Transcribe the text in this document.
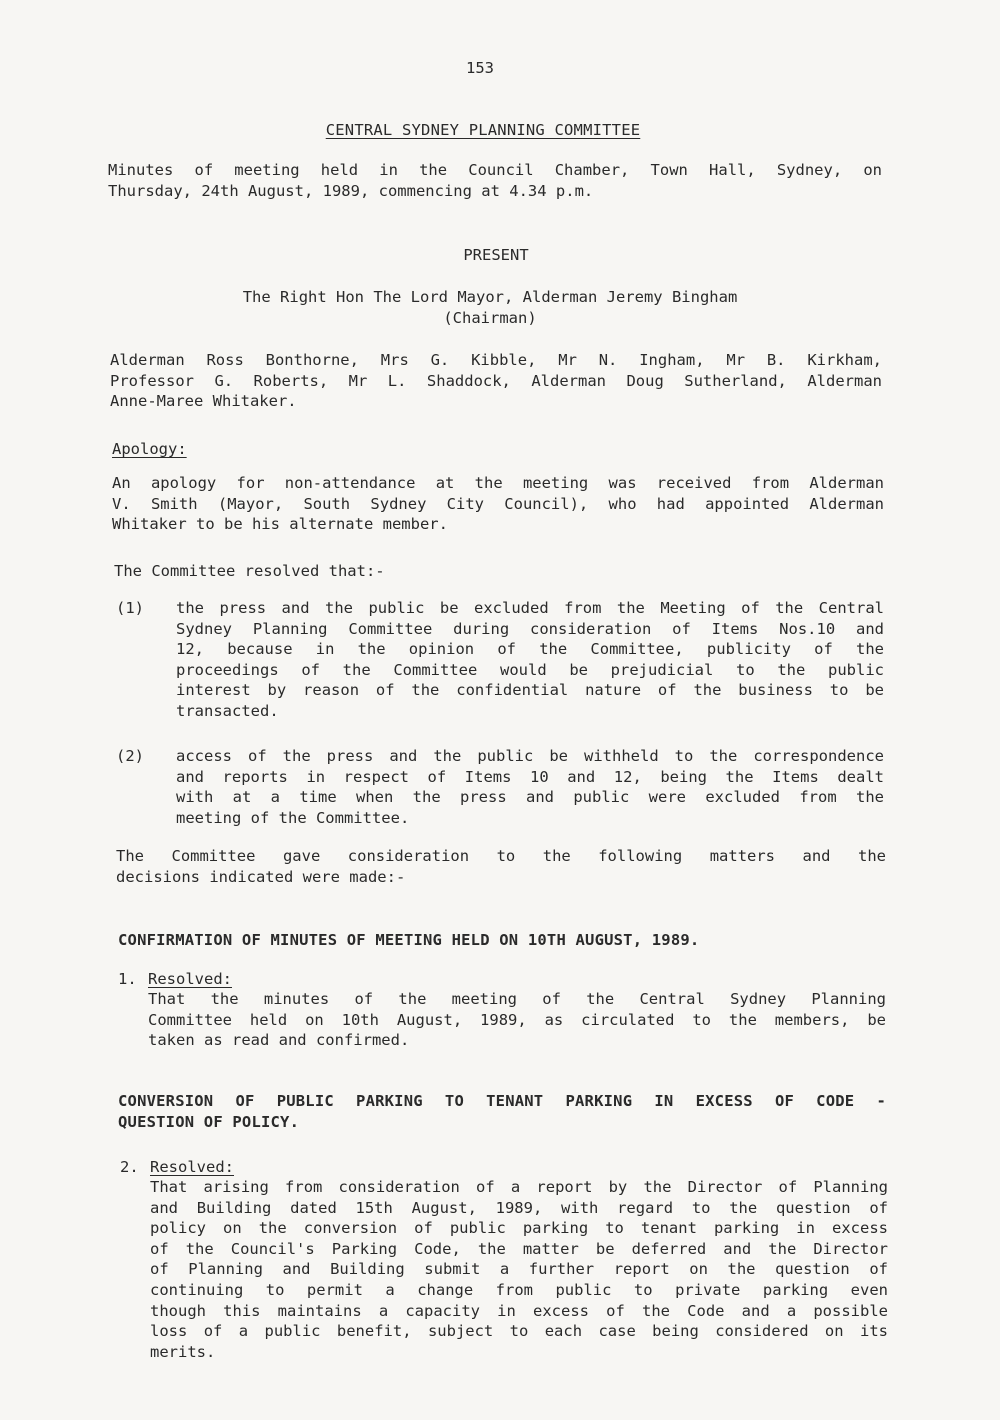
153
CENTRAL SYDNEY PLANNING COMMITTEE

Minutes of meeting held in the Council Chamber, Town Hall, Sydney, on

Thursday, 24th August, 1989, commencing at 4.34 p.m.

PRESENT

The Right Hon The Lord Mayor, Alderman Jeremy Bingham

(Chairman)

Alderman Ross Bonthorne, Mrs G. Kibble, Mr N. Ingham, Mr B. Kirkham,

Professor G. Roberts, Mr L. Shaddock, Alderman Doug Sutherland, Alderman

Anne-Maree Whitaker.

Apology:

An apology for non-attendance at the meeting was received from Alderman

V. Smith (Mayor, South Sydney City Council), who had appointed Alderman

Whitaker to be his alternate member.

The Committee resolved that:-
(1) the press and the public be excluded from the Meeting of the Central

Sydney Planning Committee during consideration of Items Nos.10 and

12, because in the opinion of the Committee, publicity of the

proceedings of the Committee would be prejudicial to the public

interest by reason of the confidential nature of the business to be

transacted.

(2) access of the press and the public be withheld to the correspondence

and reports in respect of Items 10 and 12, being the Items dealt

with at a time when the press and public were excluded from the

meeting of the Committee.

The Committee gave consideration to the following matters and the

decisions indicated were made:-

CONFIRMATION OF MINUTES OF MEETING HELD ON 10TH AUGUST, 1989.
1. Resolved:

That the minutes of the meeting of the Central Sydney Planning

Committee held on 10th August, 1989, as circulated to the members, be

taken as read and confirmed.

CONVERSION OF PUBLIC PARKING TO TENANT PARKING IN EXCESS OF CODE -

QUESTION OF POLICY.

2. Resolved:

That arising from consideration of a report by the Director of Planning

and Building dated 15th August, 1989, with regard to the question of

policy on the conversion of public parking to tenant parking in excess

of the Council's Parking Code, the matter be deferred and the Director

of Planning and Building submit a further report on the question of

continuing to permit a change from public to private parking even

though this maintains a capacity in excess of the Code and a possible

loss of a public benefit, subject to each case being considered on its

merits.
